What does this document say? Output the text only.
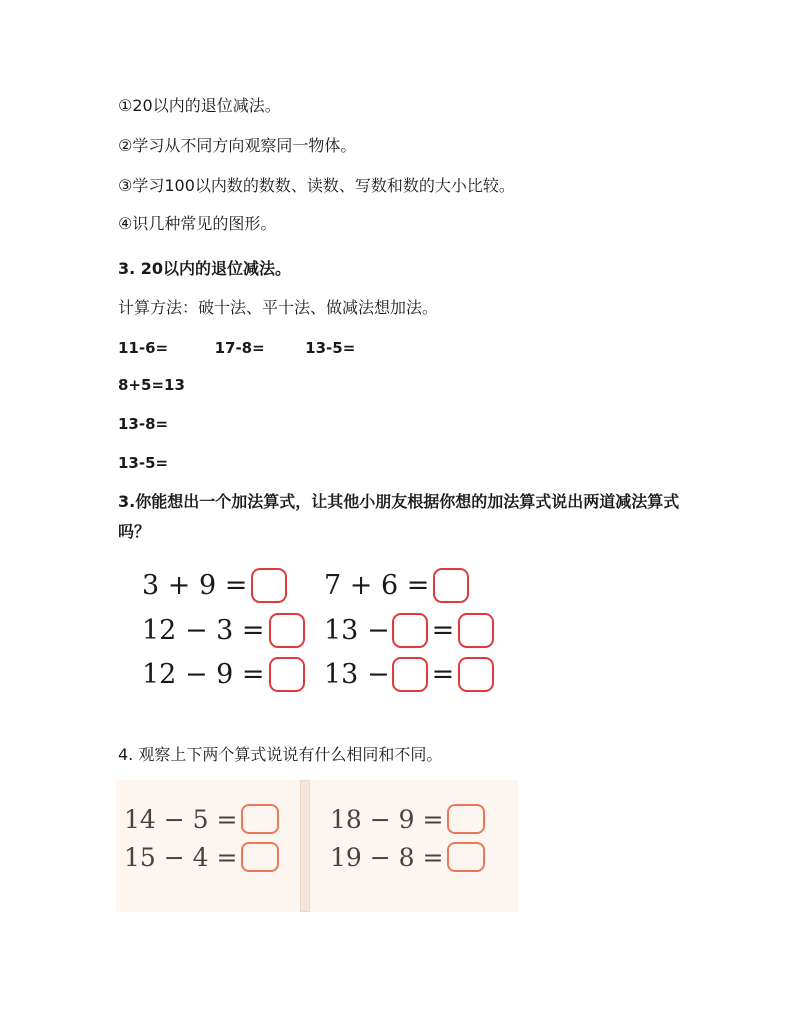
①20以内的退位减法。
②学习从不同方向观察同一物体。
③学习100以内数的数数、读数、写数和数的大小比较。
④识几种常见的图形。
3. 20以内的退位减法。
计算方法：破十法、平十法、做减法想加法。
11-6=	17-8=	13-5=
8+5=13
13-8=
13-5=
3.你能想出一个加法算式，让其他小朋友根据你想的加法算式说出两道减法算式吗？
3 + 9 =
12 − 3 =
12 − 9 =
7 + 6 =
13 − =
13 − =
4. 观察上下两个算式说说有什么相同和不同。
14 − 5 =
15 − 4 =
18 − 9 =
19 − 8 =
